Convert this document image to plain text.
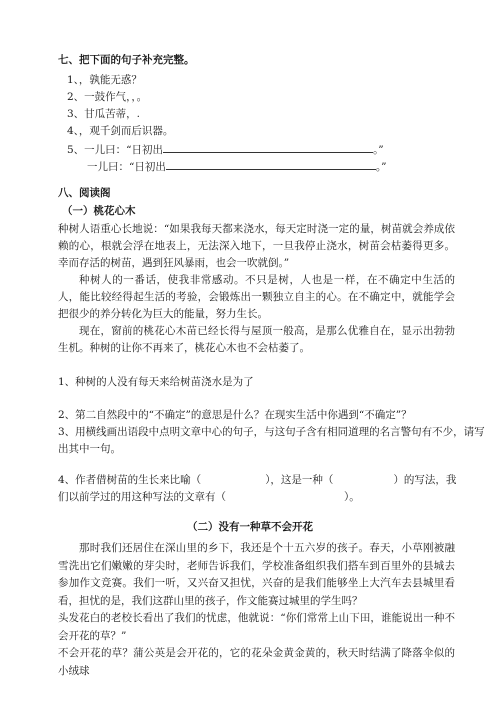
七、把下面的句子补充完整。
1、，孰能无惑？
2、一鼓作气，，。
3、甘瓜苦蒂，.
4、，观千剑而后识器。
5、一儿曰：“日初出	。”
一儿曰：“日初出	。”
八、阅读阁
（一）桃花心木

种树人语重心长地说：“如果我每天都来浇水，每天定时浇一定的量，树苗就会养成依赖的心，根就会浮在地表上，无法深入地下，一旦我停止浇水，树苗会枯萎得更多。幸而存活的树苗，遇到狂风暴雨，也会一吹就倒。”

种树人的一番话，使我非常感动。不只是树，人也是一样，在不确定中生活的人，能比较经得起生活的考验，会锻炼出一颗独立自主的心。在不确定中，就能学会把很少的养分转化为巨大的能量，努力生长。

现在，窗前的桃花心木苗已经长得与屋顶一般高，是那么优雅自在，显示出勃勃生机。种树的让你不再来了，桃花心木也不会枯萎了。

1、种树的人没有每天来给树苗浇水是为了
2、第二自然段中的“不确定”的意思是什么？在现实生活中你遇到“不确定”？
3、用横线画出语段中点明文章中心的句子，与这句子含有相同道理的名言警句有不少，请写
出其中一句。
4、作者借树苗的生长来比喻（	），这是一种（	）的写法，我
们以前学过的用这种写法的文章有（	）。
（二）没有一种草不会开花

那时我们还居住在深山里的乡下，我还是个十五六岁的孩子。春天，小草刚被融雪洗出它们嫩嫩的芽尖时，老师告诉我们，学校准备组织我们搭车到百里外的县城去参加作文竞赛。我们一听，又兴奋又担忧，兴奋的是我们能够坐上大汽车去县城里看看，担忧的是，我们这群山里的孩子，作文能赛过城里的学生吗？

头发花白的老校长看出了我们的忧虑，他就说：“你们常常上山下田，谁能说出一种不会开花的草？”

不会开花的草？蒲公英是会开花的，它的花朵金黄金黄的，秋天时结满了降落伞似的小绒球
